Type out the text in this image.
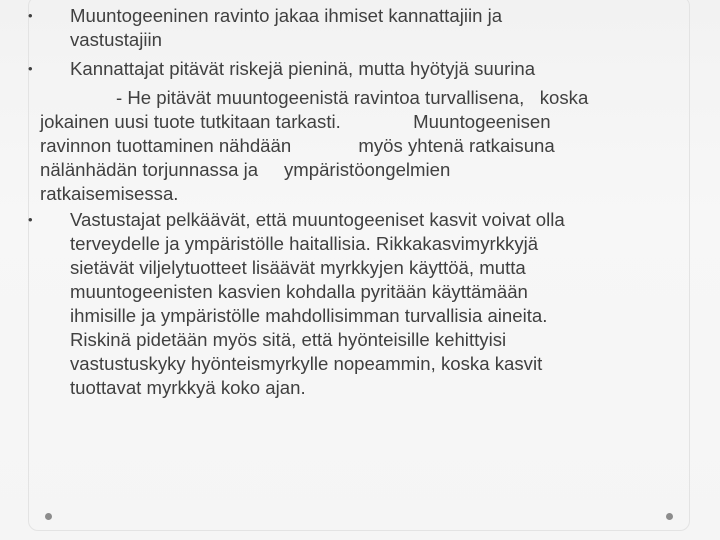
• Muuntogeeninen ravinto jakaa ihmiset kannattajiin ja

vastustajiin

• Kannattajat pitävät riskejä pieninä, mutta hyötyjä suurina

- He pitävät muuntogeenistä ravintoa turvallisena,   koska

jokainen uusi tuote tutkitaan tarkasti.              Muuntogeenisen

ravinnon tuottaminen nähdään             myös yhtenä ratkaisuna

nälänhädän torjunnassa ja     ympäristöongelmien

ratkaisemisessa.

• Vastustajat pelkäävät, että muuntogeeniset kasvit voivat olla

terveydelle ja ympäristölle haitallisia. Rikkakasvimyrkkyjä

sietävät viljelytuotteet lisäävät myrkkyjen käyttöä, mutta

muuntogeenisten kasvien kohdalla pyritään käyttämään

ihmisille ja ympäristölle mahdollisimman turvallisia aineita.

Riskinä pidetään myös sitä, että hyönteisille kehittyisi

vastustuskyky hyönteismyrkylle nopeammin, koska kasvit

tuottavat myrkkyä koko ajan.
